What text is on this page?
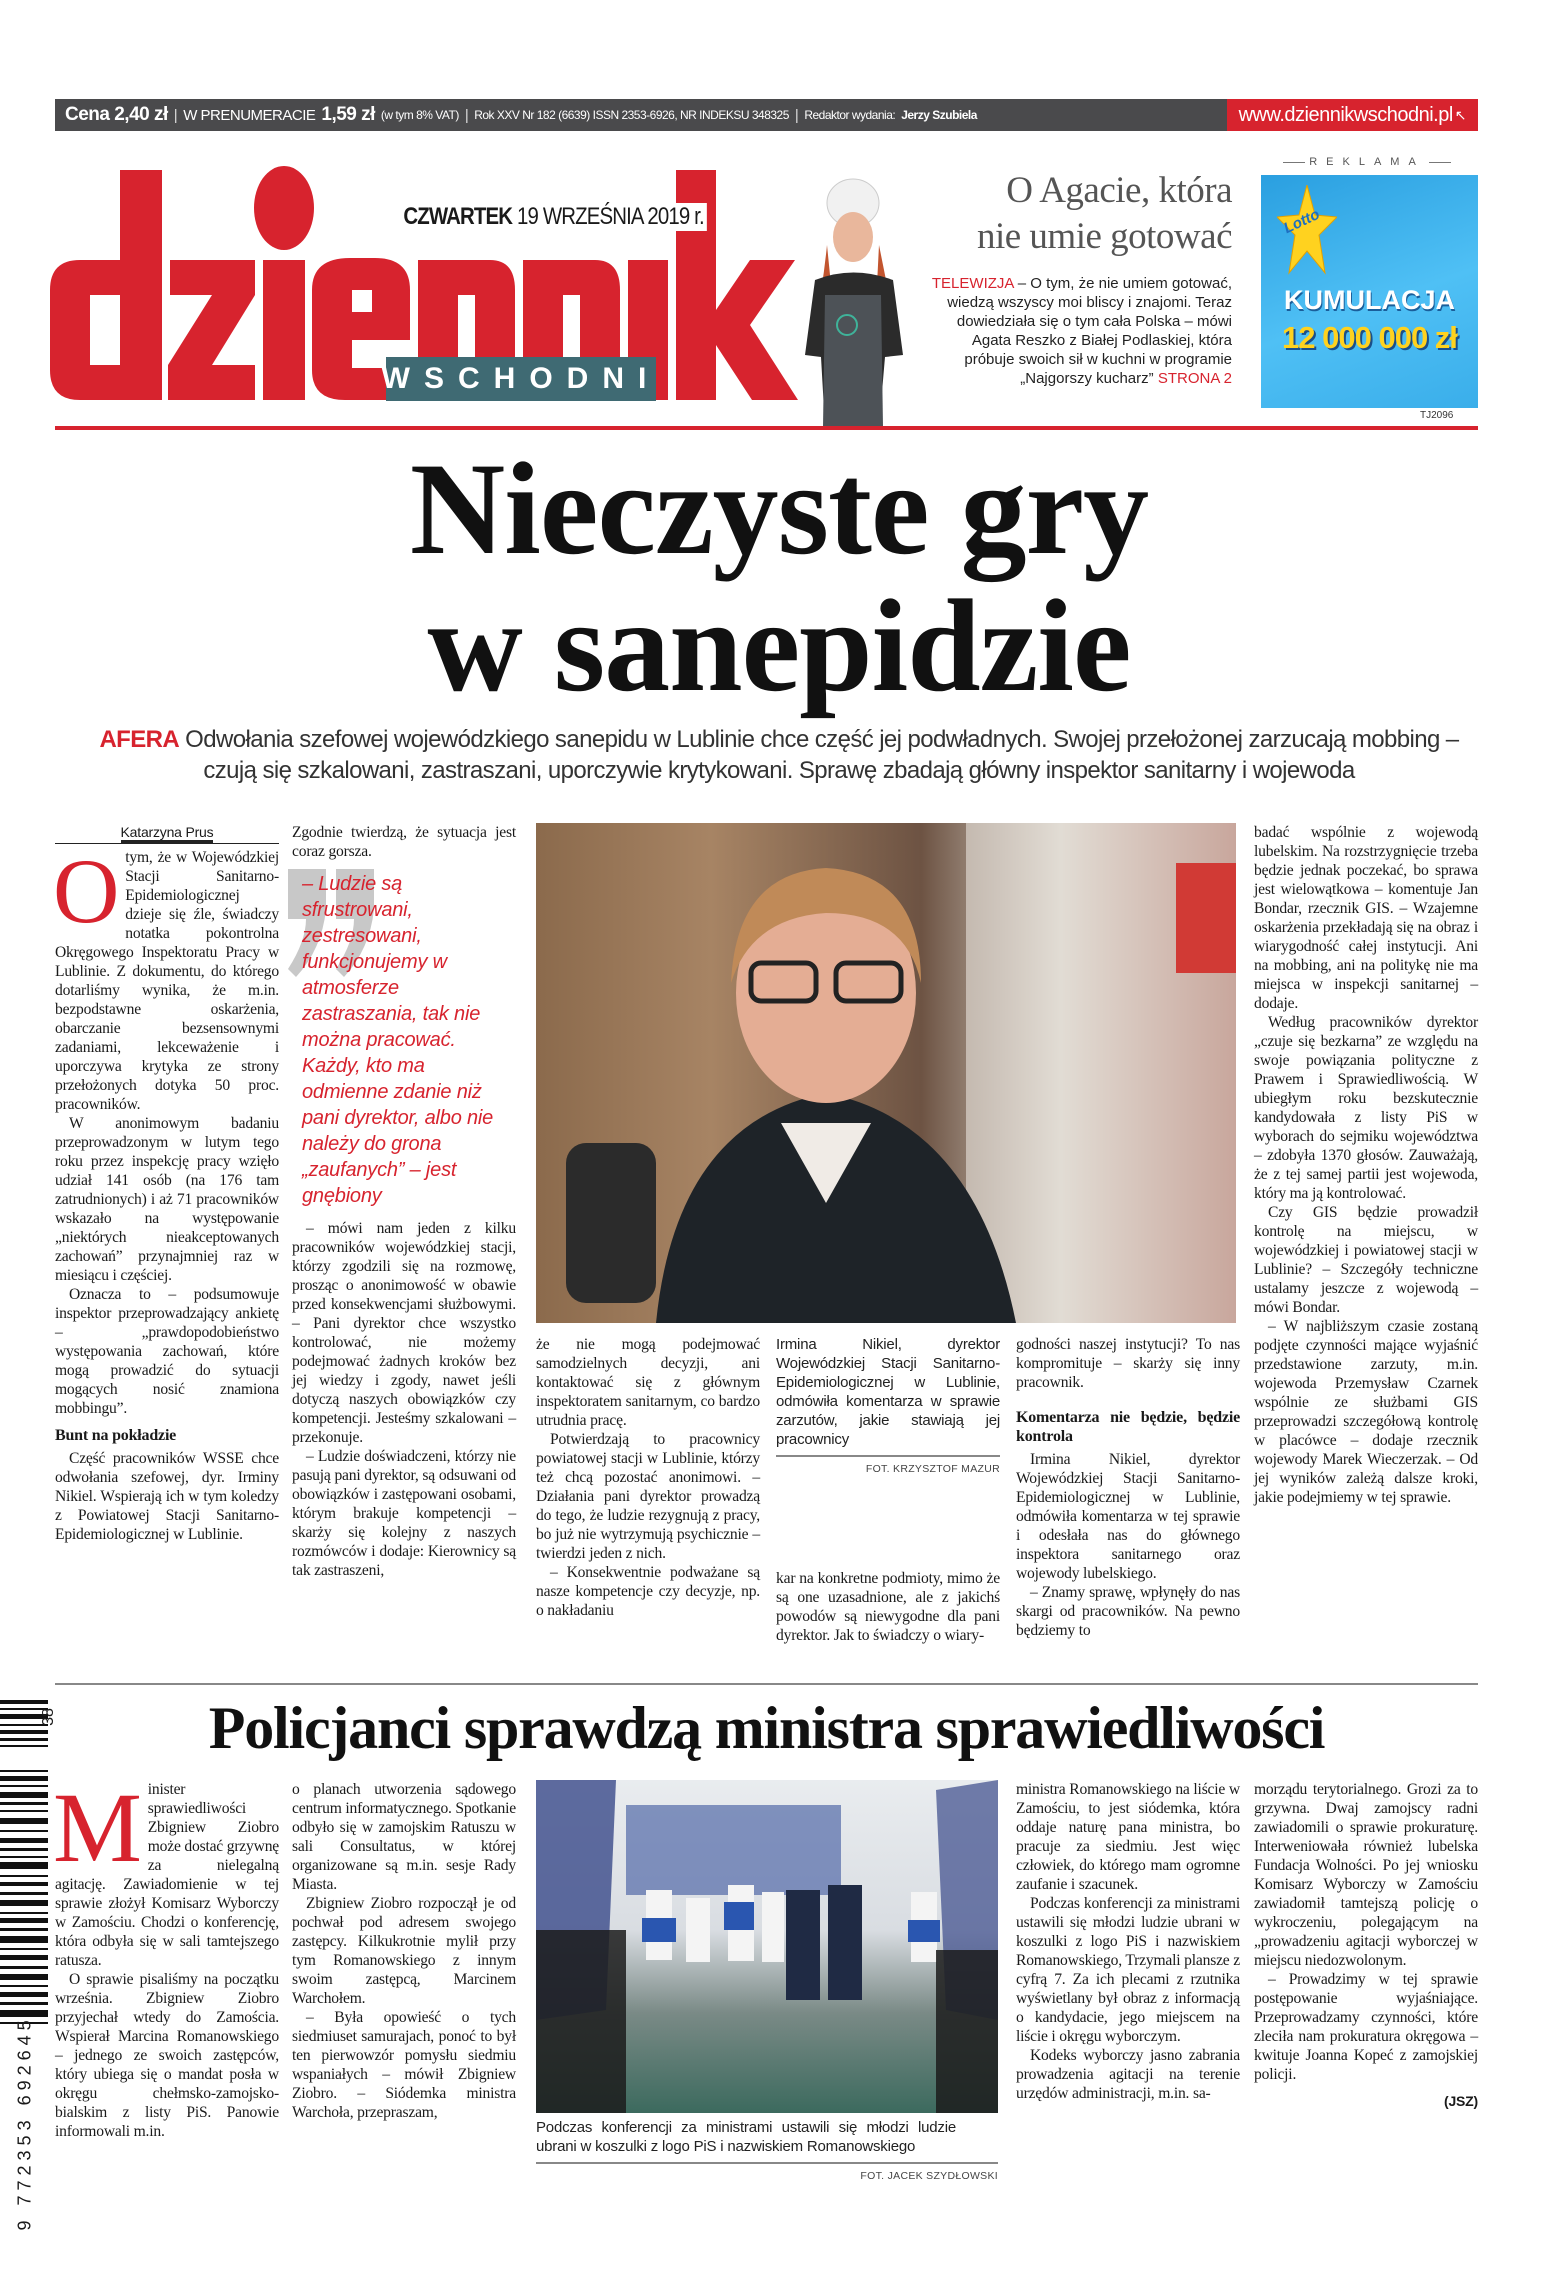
Cena 2,40 zł | W PRENUMERACIE 1,59 zł (w tym 8% VAT) | Rok XXV Nr 182 (6639) ISSN 2353-6926, NR INDEKSU 348325 | Redaktor wydania: Jerzy Szubiela	www.dziennikwschodni.pl ↖
WSCHODNI
CZWARTEK 19 WRZEŚNIA 2019 r.
O Agacie, która
nie umie gotować

TELEWIZJA – O tym, że nie umiem gotować, wiedzą wszyscy moi bliscy i znajomi. Teraz dowiedziała się o tym cała Polska – mówi Agata Reszko z Białej Podlaskiej, która próbuje swoich sił w kuchni w programie „Najgorszy kucharz” STRONA 2

REKLAMA
Lotto
KUMULACJA
12 000 000 zł
TJ2096
Nieczyste gry
w sanepidzie
AFERA Odwołania szefowej wojewódzkiego sanepidu w Lublinie chce część jej podwładnych. Swojej przełożonej zarzucają mobbing – czują się szkalowani, zastraszani, uporczywie krytykowani. Sprawę zbadają główny inspektor sanitarny i wojewoda
Katarzyna Prus
O tym, że w Wojewódzkiej Stacji Sanitarno-Epidemiologicznej dzieje się źle, świadczy notatka pokontrolna Okręgowego Inspektoratu Pracy w Lublinie. Z dokumentu, do którego dotarliśmy wynika, że m.in. bezpodstawne oskarżenia, obarczanie bezsensownymi zadaniami, lekceważenie i uporczywa krytyka ze strony przełożonych dotyka 50 proc. pracowników.

W anonimowym badaniu przeprowadzonym w lutym tego roku przez inspekcję pracy wzięło udział 141 osób (na 176 tam zatrudnionych) i aż 71 pracowników wskazało na występowanie „niektórych nieakceptowanych zachowań” przynajmniej raz w miesiącu i częściej.

Oznacza to – podsumowuje inspektor przeprowadzający ankietę – „prawdopodobieństwo występowania zachowań, które mogą prowadzić do sytuacji mogących nosić znamiona mobbingu”.

Bunt na pokładzie

Część pracowników WSSE chce odwołania szefowej, dyr. Irminy Nikiel. Wspierają ich w tym koledzy z Powiatowej Stacji Sanitarno-Epidemiologicznej w Lublinie.

Zgodnie twierdzą, że sytuacja jest coraz gorsza.

– Ludzie są sfrustrowani, zestresowani, funkcjonujemy w atmosferze zastraszania, tak nie można pracować. Każdy, kto ma odmienne zdanie niż pani dyrektor, albo nie należy do grona „zaufanych” – jest gnębiony

– mówi nam jeden z kilku pracowników wojewódzkiej stacji, którzy zgodzili się na rozmowę, prosząc o anonimowość w obawie przed konsekwencjami służbowymi. – Pani dyrektor chce wszystko kontrolować, nie możemy podejmować żadnych kroków bez jej wiedzy i zgody, nawet jeśli dotyczą naszych obowiązków czy kompetencji. Jesteśmy szkalowani – przekonuje.

– Ludzie doświadczeni, którzy nie pasują pani dyrektor, są odsuwani od obowiązków i zastępowani osobami, którym brakuje kompetencji – skarży się kolejny z naszych rozmówców i dodaje: Kierownicy są tak zastraszeni,

że nie mogą podejmować samodzielnych decyzji, ani kontaktować się z głównym inspektoratem sanitarnym, co bardzo utrudnia pracę.

Potwierdzają to pracownicy powiatowej stacji w Lublinie, którzy też chcą pozostać anonimowi. – Działania pani dyrektor prowadzą do tego, że ludzie rezygnują z pracy, bo już nie wytrzymują psychicznie – twierdzi jeden z nich.

– Konsekwentnie podważane są nasze kompetencje czy decyzje, np. o nakładaniu

Irmina Nikiel, dyrektor Wojewódzkiej Stacji Sanitarno-Epidemiologicznej w Lublinie, odmówiła komentarza w sprawie zarzutów, jakie stawiają jej pracownicy
FOT. KRZYSZTOF MAZUR

kar na konkretne podmioty, mimo że są one uzasadnione, ale z jakichś powodów są niewygodne dla pani dyrektor. Jak to świadczy o wiary-

godności naszej instytucji? To nas kompromituje – skarży się inny pracownik.

Komentarza nie będzie, będzie kontrola

Irmina Nikiel, dyrektor Wojewódzkiej Stacji Sanitarno-Epidemiologicznej w Lublinie, odmówiła komentarza w tej sprawie i odesłała nas do głównego inspektora sanitarnego oraz wojewody lubelskiego.

– Znamy sprawę, wpłynęły do nas skargi od pracowników. Na pewno będziemy to

badać wspólnie z wojewodą lubelskim. Na rozstrzygnięcie trzeba będzie jednak poczekać, bo sprawa jest wielowątkowa – komentuje Jan Bondar, rzecznik GIS. – Wzajemne oskarżenia przekładają się na obraz i wiarygodność całej instytucji. Ani na mobbing, ani na politykę nie ma miejsca w inspekcji sanitarnej – dodaje.

Według pracowników dyrektor „czuje się bezkarna” ze względu na swoje powiązania polityczne z Prawem i Sprawiedliwością. W ubiegłym roku bezskutecznie kandydowała z listy PiS w wyborach do sejmiku województwa – zdobyła 1370 głosów. Zauważają, że z tej samej partii jest wojewoda, który ma ją kontrolować.

Czy GIS będzie prowadził kontrolę na miejscu, w wojewódzkiej i powiatowej stacji w Lublinie? – Szczegóły techniczne ustalamy jeszcze z wojewodą – mówi Bondar.

– W najbliższym czasie zostaną podjęte czynności mające wyjaśnić przedstawione zarzuty, m.in. wojewoda Przemysław Czarnek wspólnie ze służbami GIS przeprowadzi szczegółową kontrolę w placówce – dodaje rzecznik wojewody Marek Wieczerzak. – Od jej wyników zależą dalsze kroki, jakie podejmiemy w tej sprawie.

Policjanci sprawdzą ministra sprawiedliwości
9 772353 692645
38
M inister sprawiedliwości Zbigniew Ziobro może dostać grzywnę za nielegalną agitację. Zawiadomienie w tej sprawie złożył Komisarz Wyborczy w Zamościu. Chodzi o konferencję, która odbyła się w sali tamtejszego ratusza.

O sprawie pisaliśmy na początku września. Zbigniew Ziobro przyjechał wtedy do Zamościa. Wspierał Marcina Romanowskiego – jednego ze swoich zastępców, który ubiega się o mandat posła w okręgu chełmsko-zamojsko-bialskim z listy PiS. Panowie informowali m.in.

o planach utworzenia sądowego centrum informatycznego. Spotkanie odbyło się w zamojskim Ratuszu w sali Consultatus, w której organizowane są m.in. sesje Rady Miasta.

Zbigniew Ziobro rozpoczął je od pochwał pod adresem swojego zastępcy. Kilkukrotnie mylił przy tym Romanowskiego z innym swoim zastępcą, Marcinem Warchołem.

– Była opowieść o tych siedmiuset samurajach, ponoć to był ten pierwowzór pomysłu siedmiu wspaniałych – mówił Zbigniew Ziobro. – Siódemka ministra Warchoła, przepraszam,

Podczas konferencji za ministrami ustawili się młodzi ludzie ubrani w koszulki z logo PiS i nazwiskiem Romanowskiego
FOT. JACEK SZYDŁOWSKI

ministra Romanowskiego na liście w Zamościu, to jest siódemka, która oddaje naturę pana ministra, bo pracuje za siedmiu. Jest więc człowiek, do którego mam ogromne zaufanie i szacunek.

Podczas konferencji za ministrami ustawili się młodzi ludzie ubrani w koszulki z logo PiS i nazwiskiem Romanowskiego, Trzymali plansze z cyfrą 7. Za ich plecami z rzutnika wyświetlany był obraz z informacją o kandydacie, jego miejscem na liście i okręgu wyborczym.

Kodeks wyborczy jasno zabrania prowadzenia agitacji na terenie urzędów administracji, m.in. sa-

morządu terytorialnego. Grozi za to grzywna. Dwaj zamojscy radni zawiadomili o sprawie prokuraturę. Interweniowała również lubelska Fundacja Wolności. Po jej wniosku Komisarz Wyborczy w Zamościu zawiadomił tamtejszą policję o wykroczeniu, polegającym na „prowadzeniu agitacji wyborczej w miejscu niedozwolonym.

– Prowadzimy w tej sprawie postępowanie wyjaśniające. Przeprowadzamy czynności, które zleciła nam prokuratura okręgowa – kwituje Joanna Kopeć z zamojskiej policji.

(JSZ)
